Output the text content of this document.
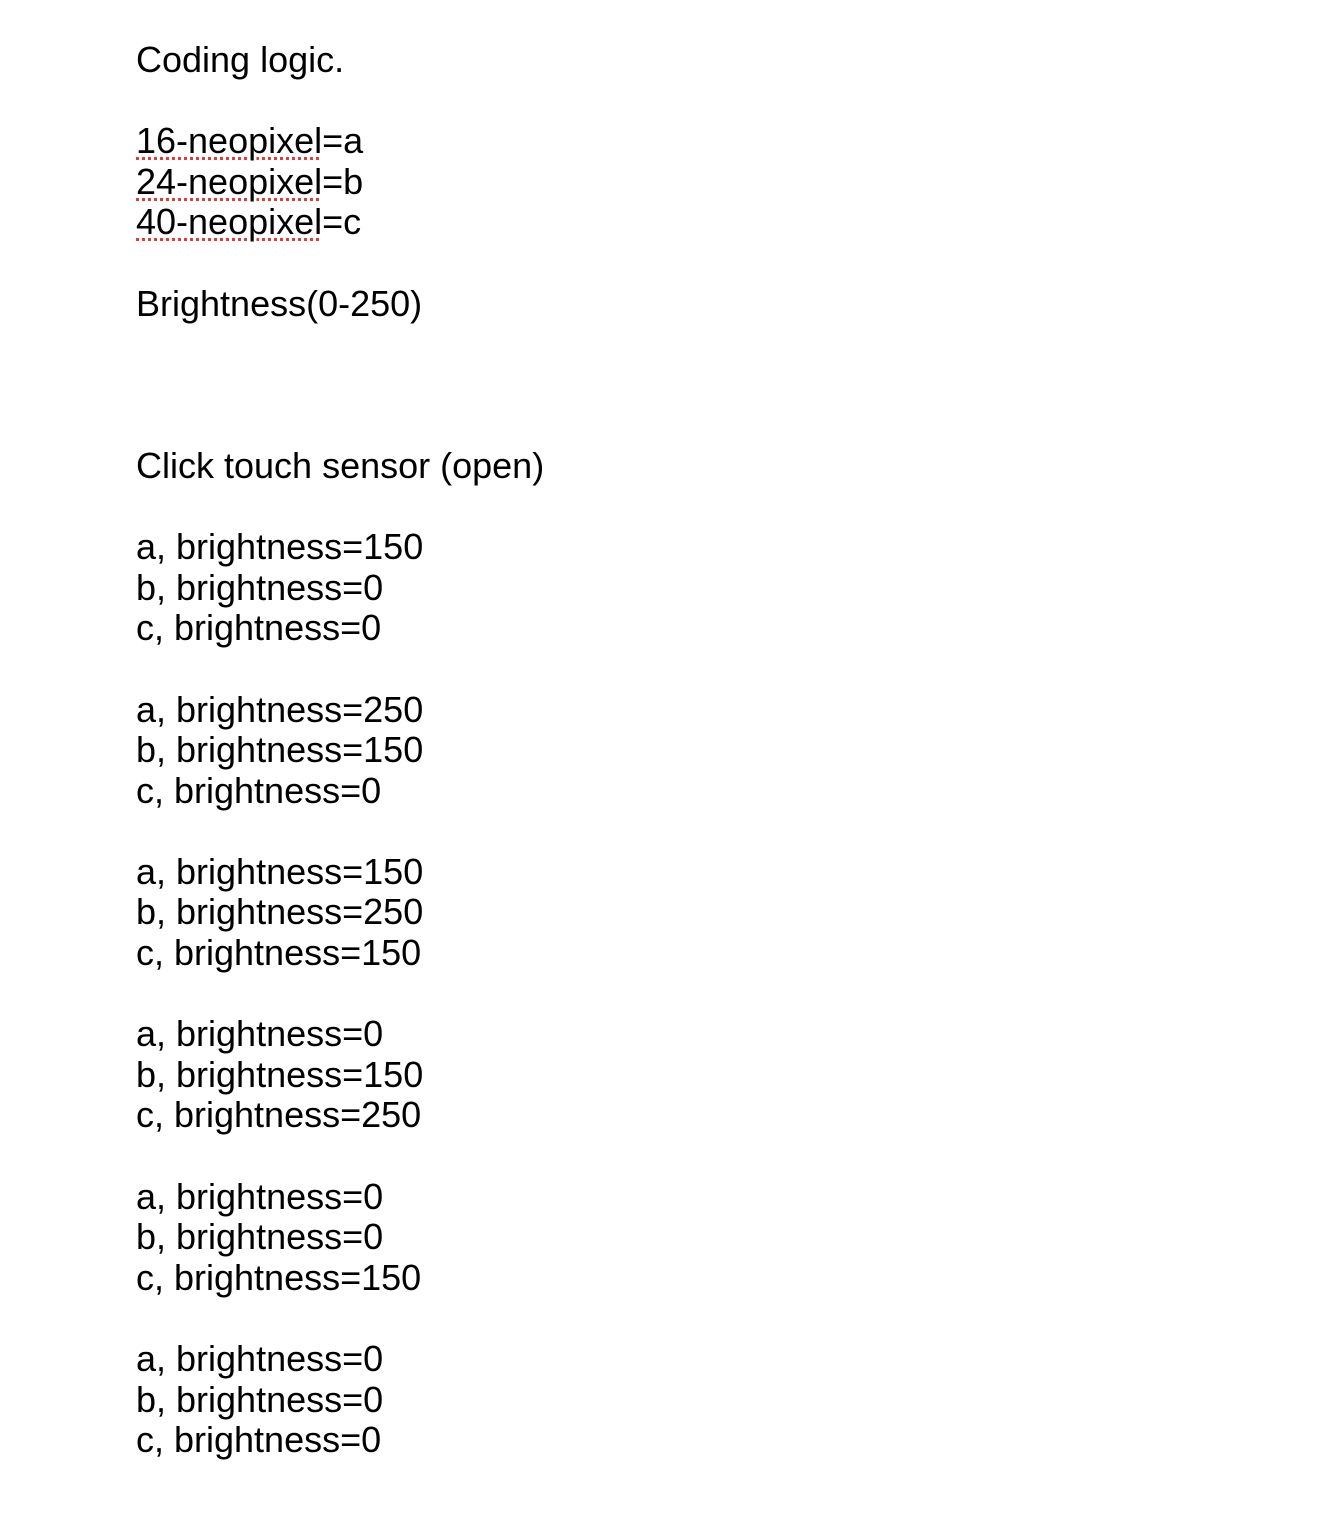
Coding logic.
16-neopixel=a
24-neopixel=b
40-neopixel=c
Brightness(0-250)
Click touch sensor (open)
a, brightness=150
b, brightness=0
c, brightness=0
a, brightness=250
b, brightness=150
c, brightness=0
a, brightness=150
b, brightness=250
c, brightness=150
a, brightness=0
b, brightness=150
c, brightness=250
a, brightness=0
b, brightness=0
c, brightness=150
a, brightness=0
b, brightness=0
c, brightness=0
